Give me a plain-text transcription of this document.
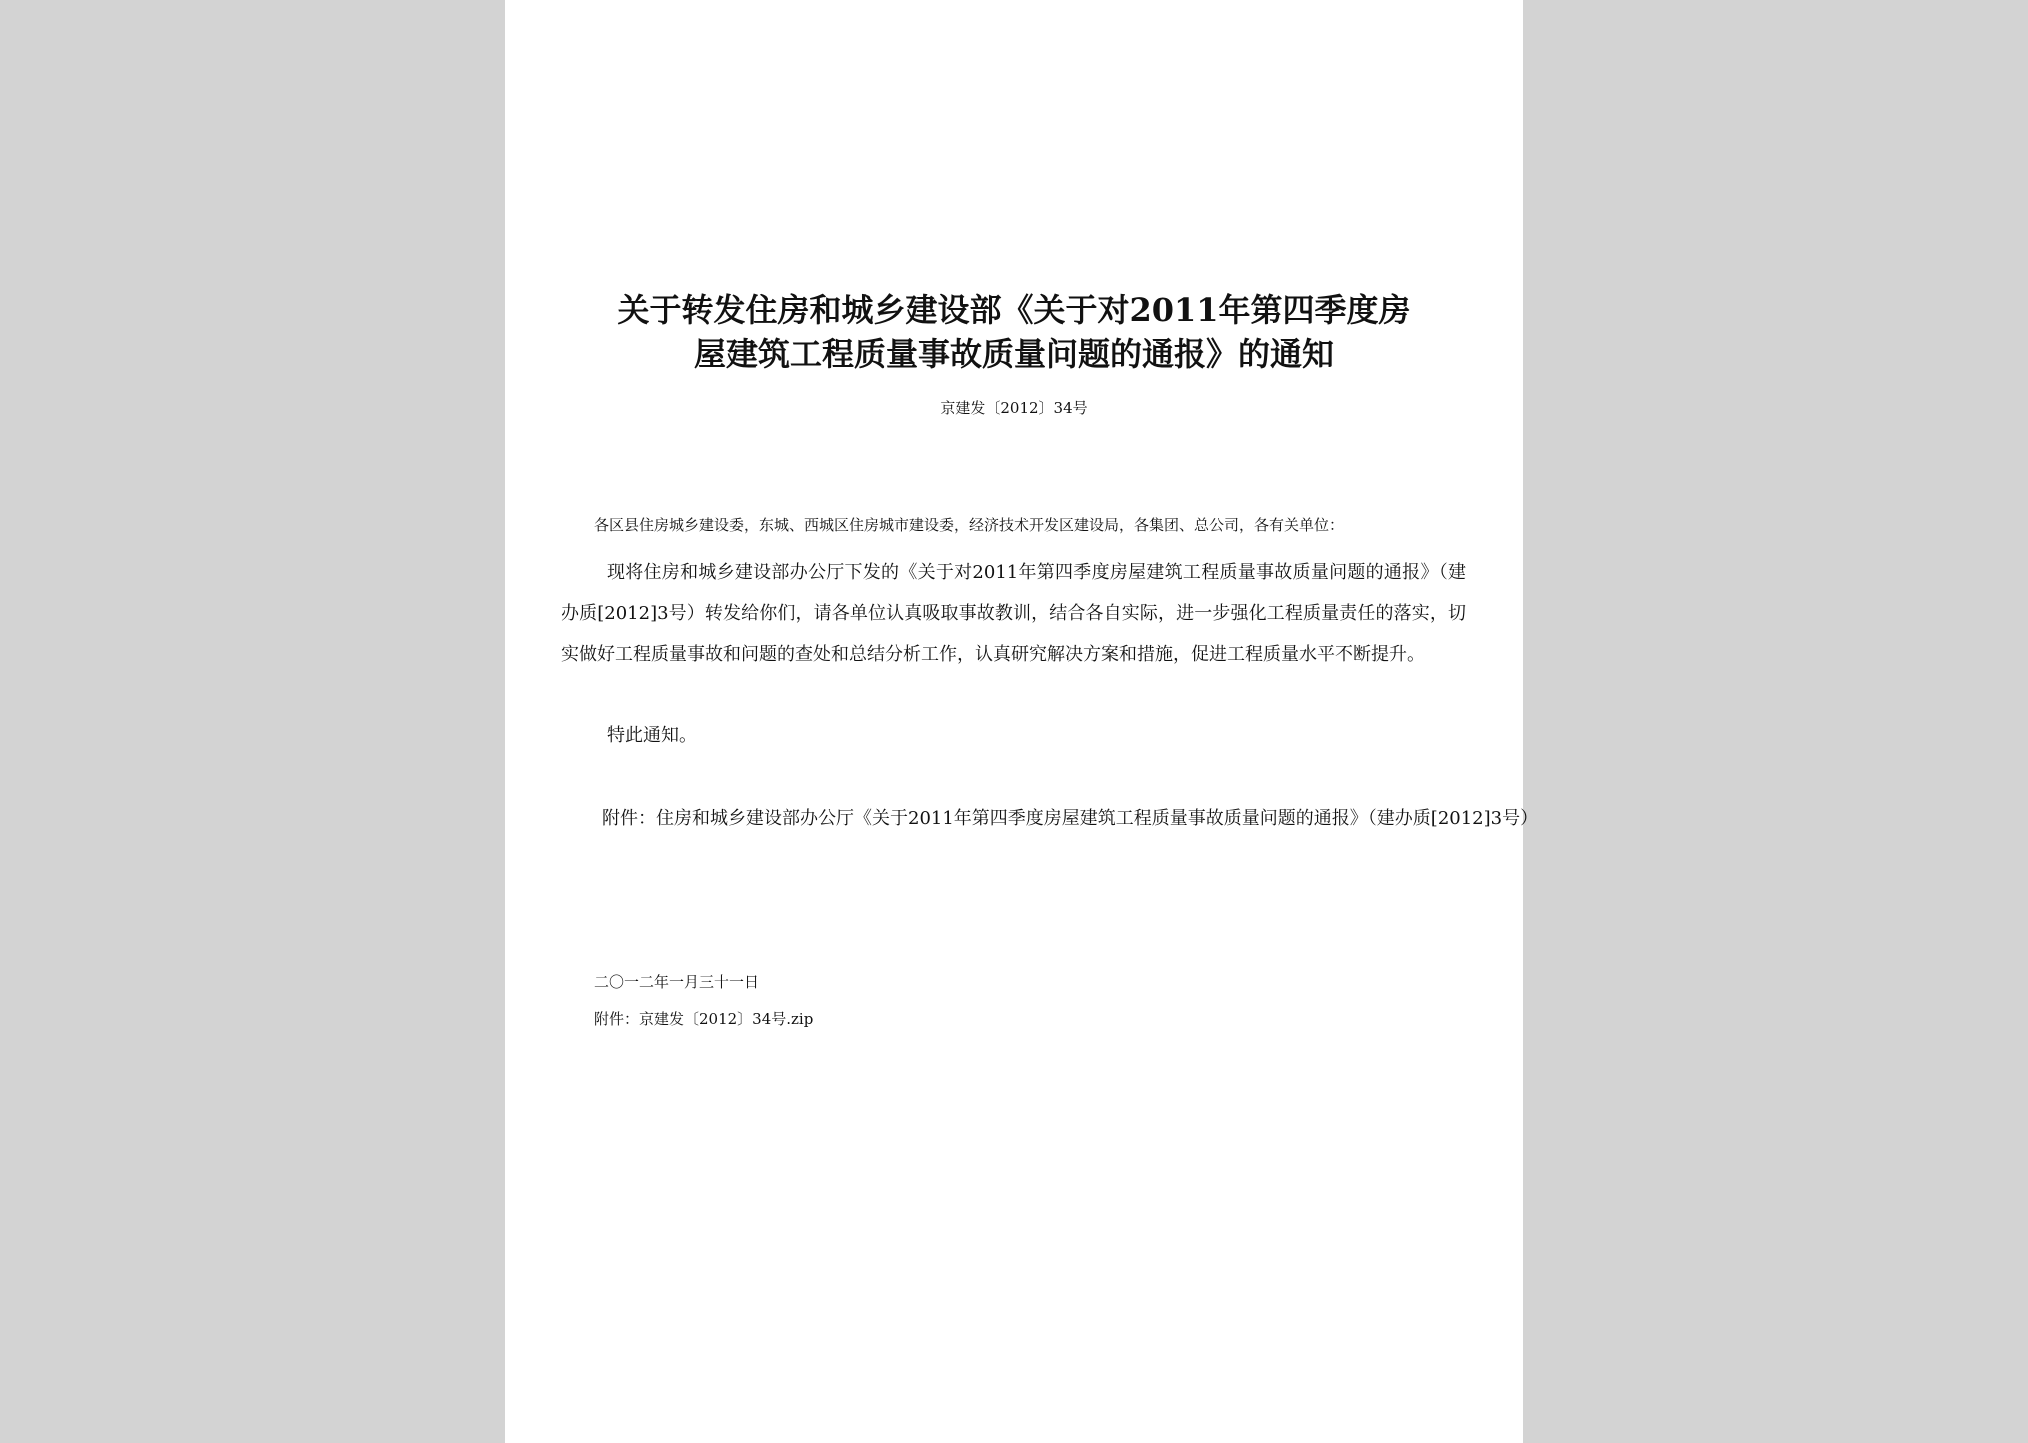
关于转发住房和城乡建设部《关于对2011年第四季度房
屋建筑工程质量事故质量问题的通报》的通知
京建发〔2012〕34号
各区县住房城乡建设委，东城、西城区住房城市建设委，经济技术开发区建设局，各集团、总公司，各有关单位：

现将住房和城乡建设部办公厅下发的《关于对2011年第四季度房屋建筑工程质量事故质量问题的通报》（建办质[2012]3号）转发给你们，请各单位认真吸取事故教训，结合各自实际，进一步强化工程质量责任的落实，切实做好工程质量事故和问题的查处和总结分析工作，认真研究解决方案和措施，促进工程质量水平不断提升。

特此通知。

附件：住房和城乡建设部办公厅《关于2011年第四季度房屋建筑工程质量事故质量问题的通报》（建办质[2012]3号）

二〇一二年一月三十一日
附件：京建发〔2012〕34号.zip
